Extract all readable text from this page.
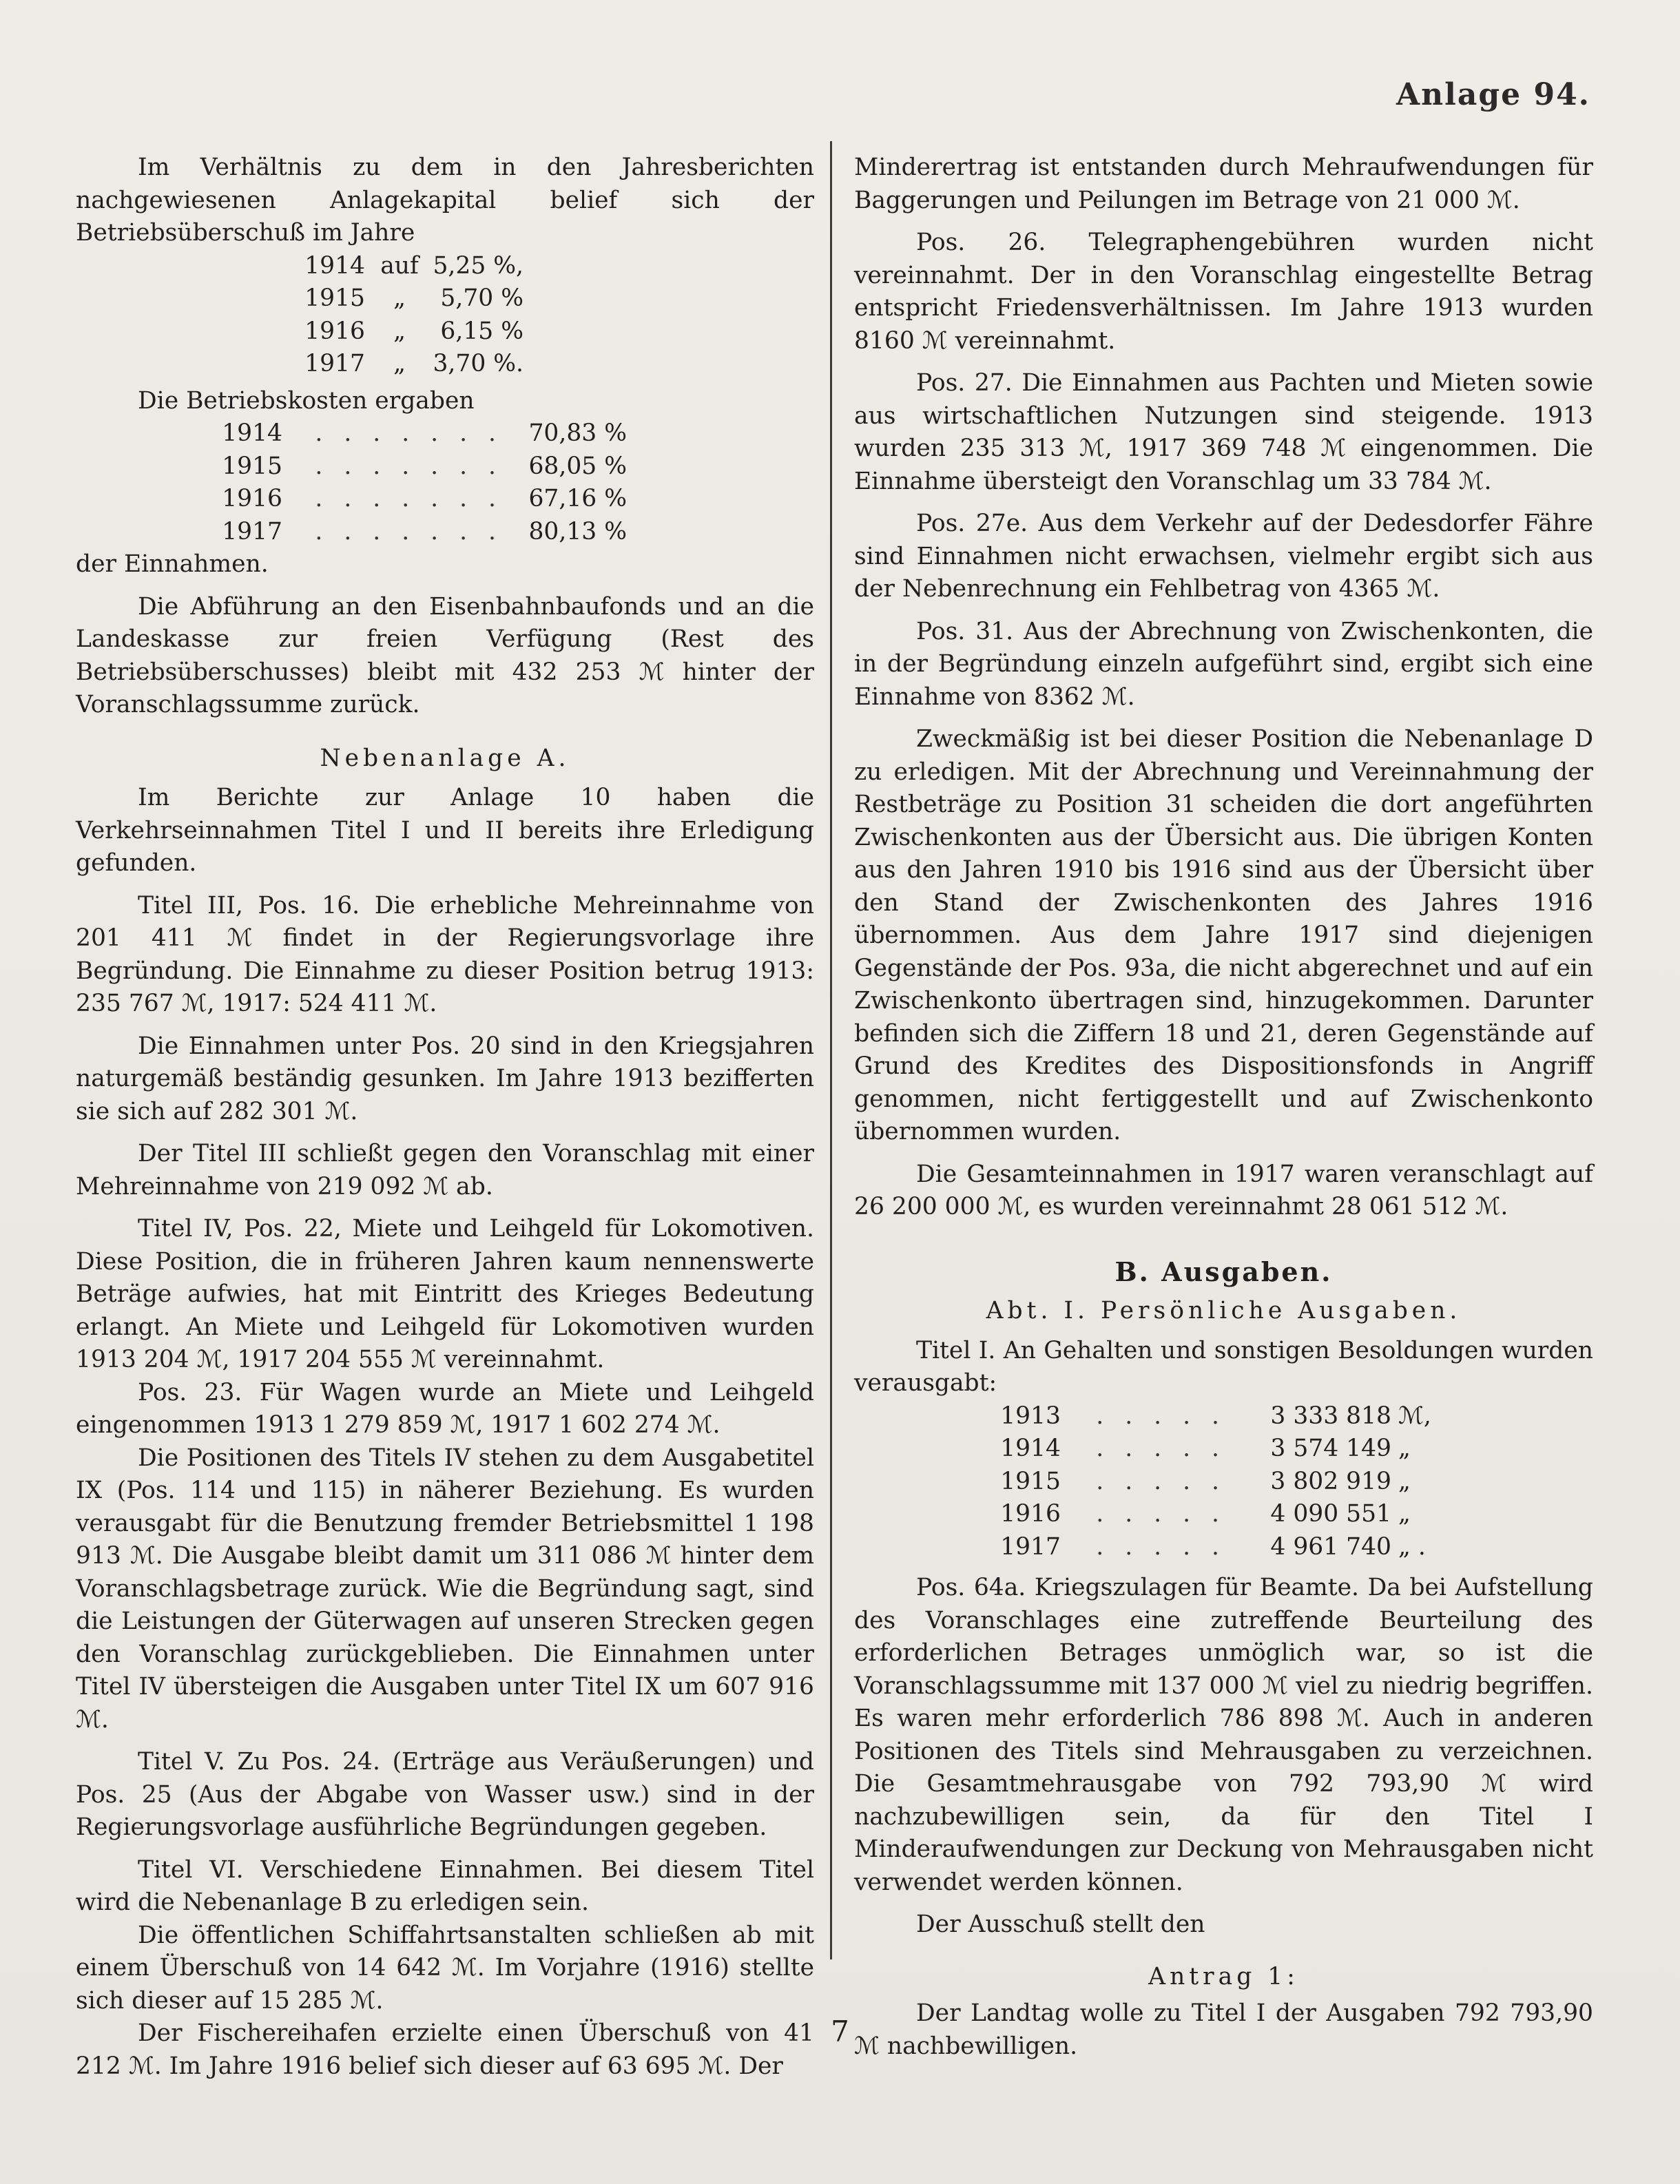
Anlage 94.

Im Verhältnis zu dem in den Jahresberichten nachgewiesenen Anlagekapital belief sich der Betriebsüberschuß im Jahre

1914	auf	5,25 %,
1915	„	5,70 %
1916	„	6,15 %
1917	„	3,70 %.

Die Betriebskosten ergaben

1914	. . . . . . .	70,83 %
1915	. . . . . . .	68,05 %
1916	. . . . . . .	67,16 %
1917	. . . . . . .	80,13 %

der Einnahmen.

Die Abführung an den Eisenbahnbaufonds und an die Landeskasse zur freien Verfügung (Rest des Betriebsüberschusses) bleibt mit 432 253 ℳ hinter der Voranschlagssumme zurück.

Nebenanlage A.

Im Berichte zur Anlage 10 haben die Verkehrseinnahmen Titel I und II bereits ihre Erledigung gefunden.

Titel III, Pos. 16. Die erhebliche Mehreinnahme von 201 411 ℳ findet in der Regierungsvorlage ihre Begründung. Die Einnahme zu dieser Position betrug 1913: 235 767 ℳ, 1917: 524 411 ℳ.

Die Einnahmen unter Pos. 20 sind in den Kriegsjahren naturgemäß beständig gesunken. Im Jahre 1913 bezifferten sie sich auf 282 301 ℳ.

Der Titel III schließt gegen den Voranschlag mit einer Mehreinnahme von 219 092 ℳ ab.

Titel IV, Pos. 22, Miete und Leihgeld für Lokomotiven. Diese Position, die in früheren Jahren kaum nennenswerte Beträge aufwies, hat mit Eintritt des Krieges Bedeutung erlangt. An Miete und Leihgeld für Lokomotiven wurden 1913 204 ℳ, 1917 204 555 ℳ vereinnahmt.

Pos. 23. Für Wagen wurde an Miete und Leihgeld eingenommen 1913 1 279 859 ℳ, 1917 1 602 274 ℳ.

Die Positionen des Titels IV stehen zu dem Ausgabetitel IX (Pos. 114 und 115) in näherer Beziehung. Es wurden verausgabt für die Benutzung fremder Betriebsmittel 1 198 913 ℳ. Die Ausgabe bleibt damit um 311 086 ℳ hinter dem Voranschlagsbetrage zurück. Wie die Begründung sagt, sind die Leistungen der Güterwagen auf unseren Strecken gegen den Voranschlag zurückgeblieben. Die Einnahmen unter Titel IV übersteigen die Ausgaben unter Titel IX um 607 916 ℳ.

Titel V. Zu Pos. 24. (Erträge aus Veräußerungen) und Pos. 25 (Aus der Abgabe von Wasser usw.) sind in der Regierungsvorlage ausführliche Begründungen gegeben.

Titel VI. Verschiedene Einnahmen. Bei diesem Titel wird die Nebenanlage B zu erledigen sein.

Die öffentlichen Schiffahrtsanstalten schließen ab mit einem Überschuß von 14 642 ℳ. Im Vorjahre (1916) stellte sich dieser auf 15 285 ℳ.

Der Fischereihafen erzielte einen Überschuß von 41 212 ℳ. Im Jahre 1916 belief sich dieser auf 63 695 ℳ. Der

Minderertrag ist entstanden durch Mehraufwendungen für Baggerungen und Peilungen im Betrage von 21 000 ℳ.

Pos. 26. Telegraphengebühren wurden nicht vereinnahmt. Der in den Voranschlag eingestellte Betrag entspricht Friedensverhältnissen. Im Jahre 1913 wurden 8160 ℳ vereinnahmt.

Pos. 27. Die Einnahmen aus Pachten und Mieten sowie aus wirtschaftlichen Nutzungen sind steigende. 1913 wurden 235 313 ℳ, 1917 369 748 ℳ eingenommen. Die Einnahme übersteigt den Voranschlag um 33 784 ℳ.

Pos. 27e. Aus dem Verkehr auf der Dedesdorfer Fähre sind Einnahmen nicht erwachsen, vielmehr ergibt sich aus der Nebenrechnung ein Fehlbetrag von 4365 ℳ.

Pos. 31. Aus der Abrechnung von Zwischenkonten, die in der Begründung einzeln aufgeführt sind, ergibt sich eine Einnahme von 8362 ℳ.

Zweckmäßig ist bei dieser Position die Nebenanlage D zu erledigen. Mit der Abrechnung und Vereinnahmung der Restbeträge zu Position 31 scheiden die dort angeführten Zwischenkonten aus der Übersicht aus. Die übrigen Konten aus den Jahren 1910 bis 1916 sind aus der Übersicht über den Stand der Zwischenkonten des Jahres 1916 übernommen. Aus dem Jahre 1917 sind diejenigen Gegenstände der Pos. 93a, die nicht abgerechnet und auf ein Zwischenkonto übertragen sind, hinzugekommen. Darunter befinden sich die Ziffern 18 und 21, deren Gegenstände auf Grund des Kredites des Dispositionsfonds in Angriff genommen, nicht fertiggestellt und auf Zwischenkonto übernommen wurden.

Die Gesamteinnahmen in 1917 waren veranschlagt auf 26 200 000 ℳ, es wurden vereinnahmt 28 061 512 ℳ.

B. Ausgaben.
Abt. I. Persönliche Ausgaben.

Titel I. An Gehalten und sonstigen Besoldungen wurden verausgabt:

1913	. . . . .	3 333 818	ℳ,
1914	. . . . .	3 574 149	„
1915	. . . . .	3 802 919	„
1916	. . . . .	4 090 551	„
1917	. . . . .	4 961 740	„ .

Pos. 64a. Kriegszulagen für Beamte. Da bei Aufstellung des Voranschlages eine zutreffende Beurteilung des erforderlichen Betrages unmöglich war, so ist die Voranschlagssumme mit 137 000 ℳ viel zu niedrig begriffen. Es waren mehr erforderlich 786 898 ℳ. Auch in anderen Positionen des Titels sind Mehrausgaben zu verzeichnen. Die Gesamtmehrausgabe von 792 793,90 ℳ wird nachzubewilligen sein, da für den Titel I Minderaufwendungen zur Deckung von Mehrausgaben nicht verwendet werden können.

Der Ausschuß stellt den

Antrag 1:

Der Landtag wolle zu Titel I der Ausgaben 792 793,90 ℳ nachbewilligen.

7
